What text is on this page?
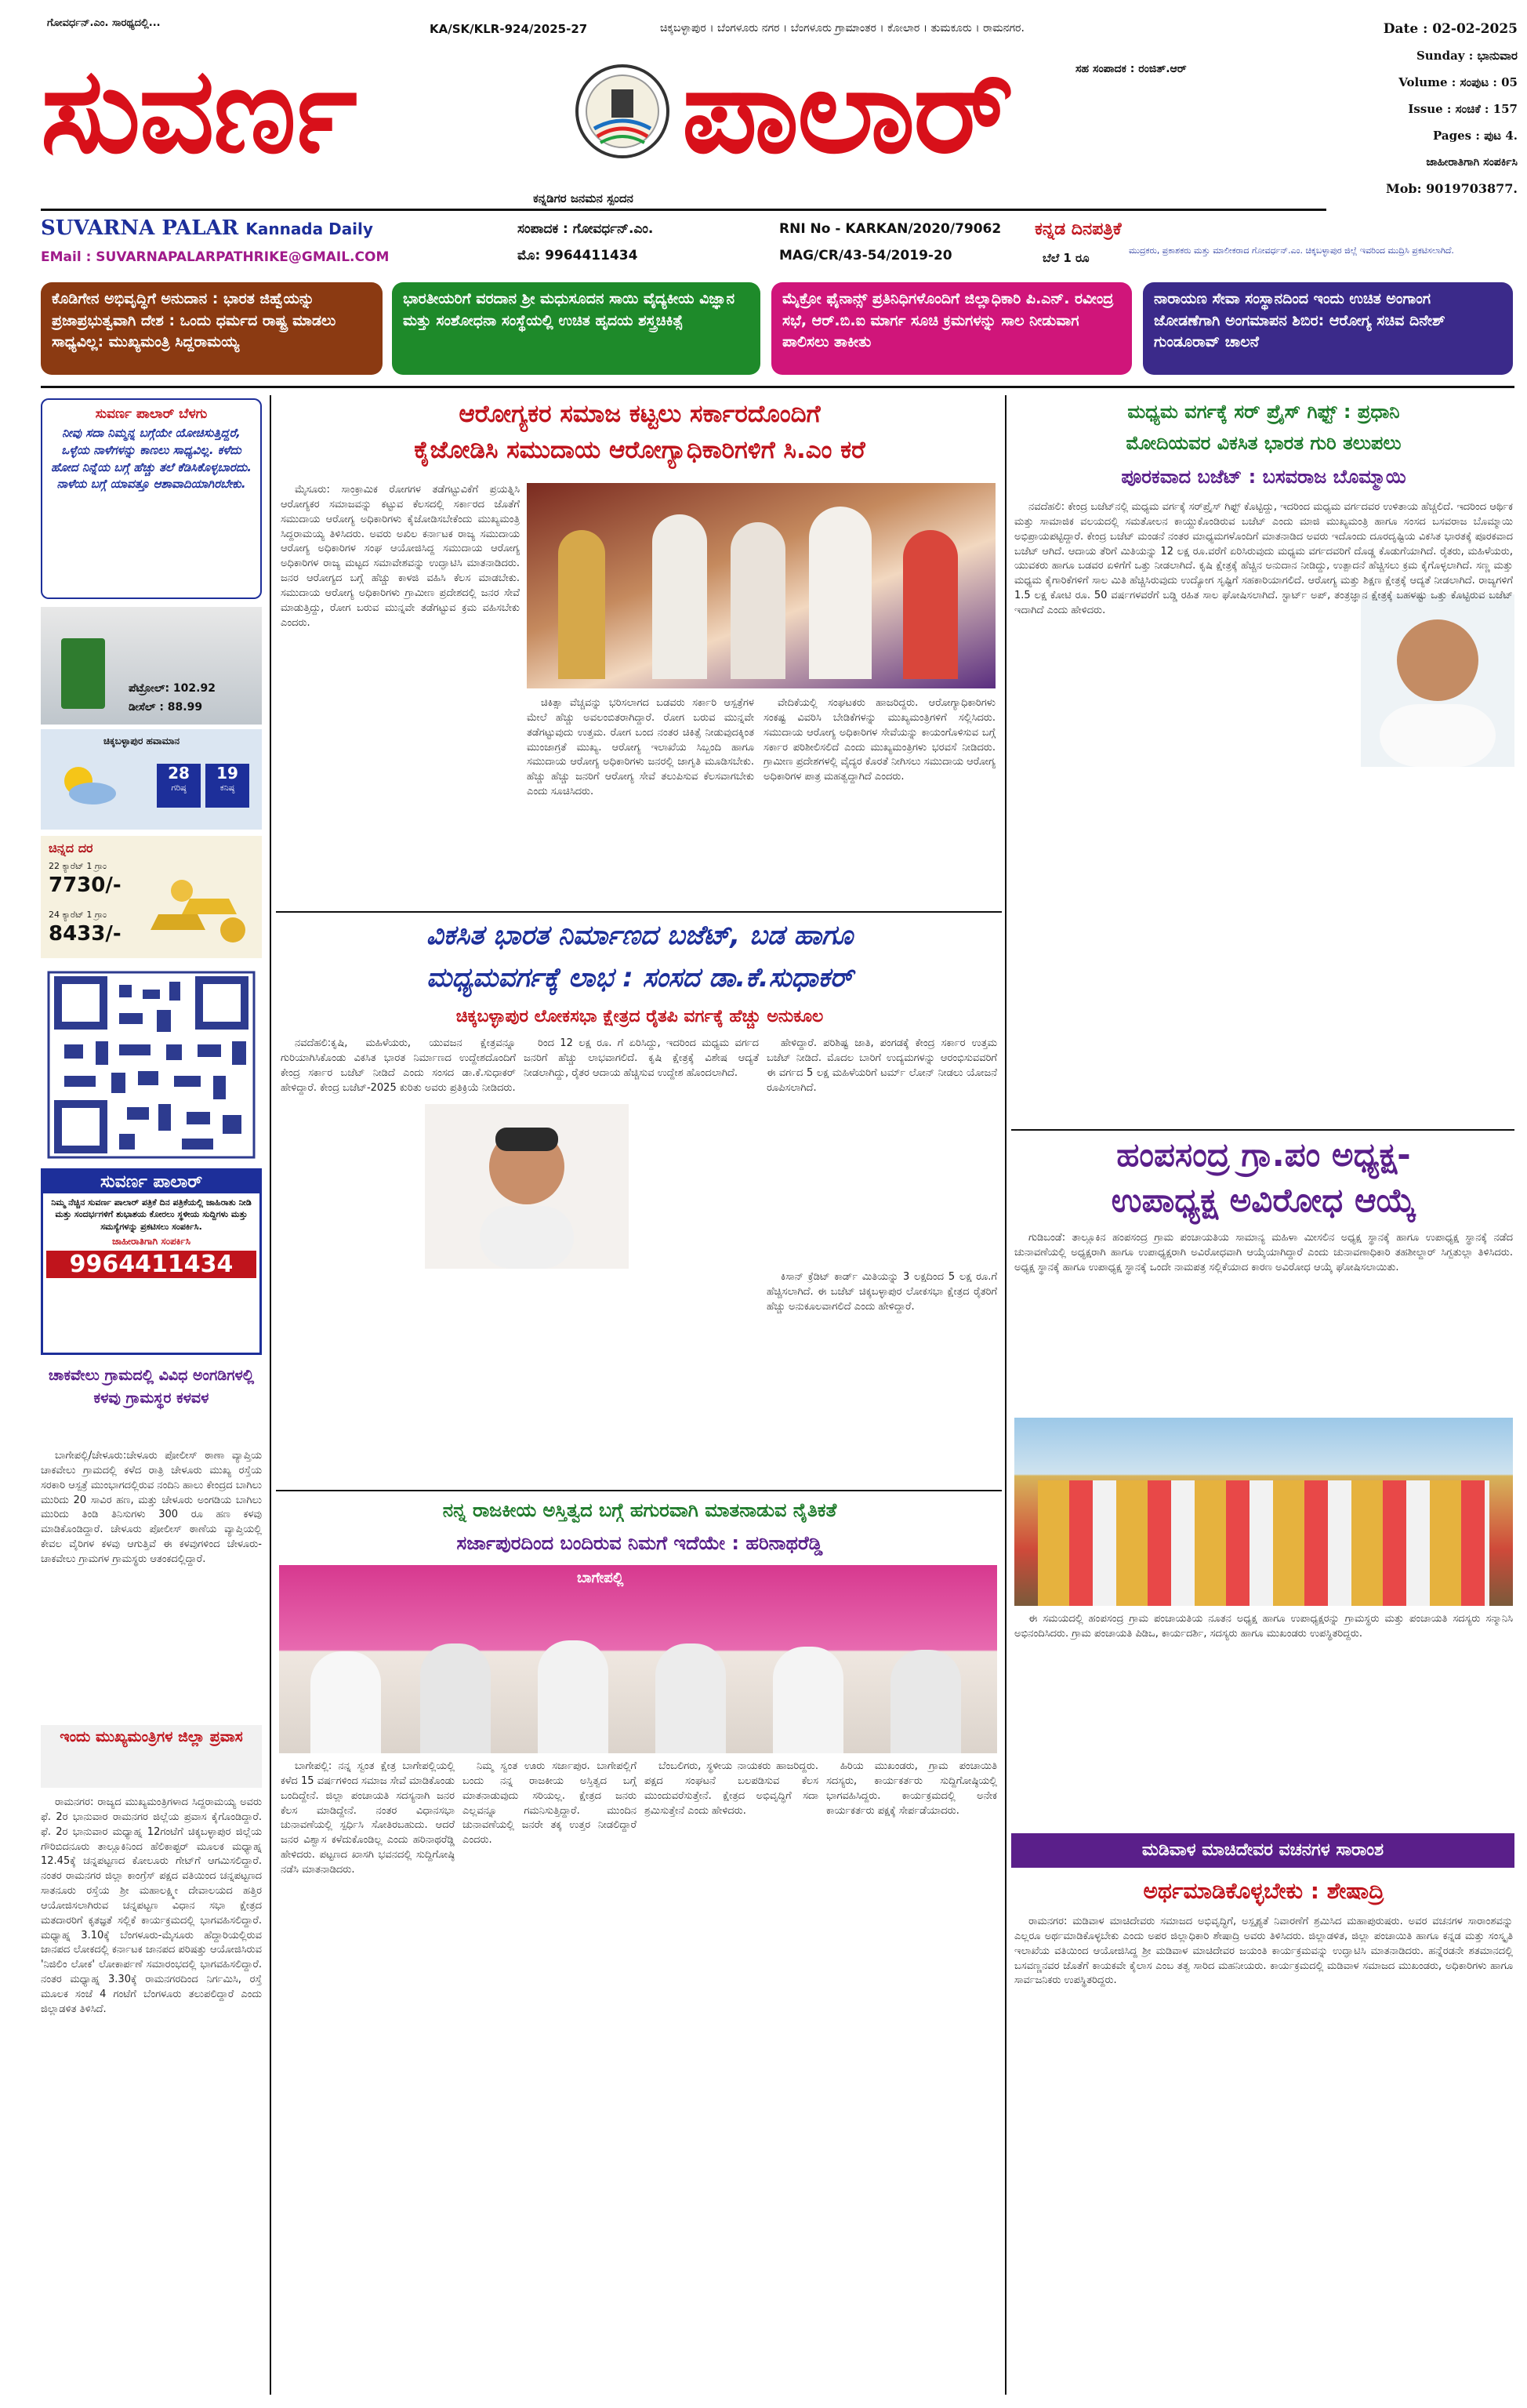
ಗೋವರ್ಧನ್.ಎಂ. ಸಾರಥ್ಯದಲ್ಲಿ...	KA/SK/KLR-924/2025-27	ಚಿಕ್ಕಬಳ್ಳಾಪುರ । ಬೆಂಗಳೂರು ನಗರ । ಬೆಂಗಳೂರು ಗ್ರಾಮಾಂತರ । ಕೋಲಾರ । ತುಮಕೂರು । ರಾಮನಗರ.
ಸುವರ್ಣ	ಪಾಲಾರ್	ಸಹ ಸಂಪಾದಕ : ರಂಜಿತ್.ಆರ್
ಕನ್ನಡಿಗರ ಜನಮನ ಸ್ಪಂದನ
Date : 02-02-2025
Sunday : ಭಾನುವಾರ
Volume : ಸಂಪುಟ : 05
Issue : ಸಂಚಿಕೆ : 157
Pages : ಪುಟ 4.
ಜಾಹೀರಾತಿಗಾಗಿ ಸಂಪರ್ಕಿಸಿ
Mob: 9019703877.
SUVARNA PALAR Kannada Daily
EMail : SUVARNAPALARPATHRIKE@GMAIL.COM
ಸಂಪಾದಕ : ಗೋವರ್ಧನ್.ಎಂ.
ಮೊ: 9964411434
RNI No - KARKAN/2020/79062
MAG/CR/43-54/2019-20
ಕನ್ನಡ ದಿನಪತ್ರಿಕೆ
ಬೆಲೆ 1 ರೂ
ಮುದ್ರಕರು, ಪ್ರಕಾಶಕರು ಮತ್ತು ಮಾಲೀಕರಾದ ಗೋವರ್ಧನ್.ಎಂ. ಚಿಕ್ಕಬಳ್ಳಾಪುರ ಜಿಲ್ಲೆ ಇವರಿಂದ ಮುದ್ರಿಸಿ ಪ್ರಕಟಿಸಲಾಗಿದೆ.
ಕೊಡಿಗೇನ ಅಭಿವೃದ್ಧಿಗೆ ಅನುದಾನ : ಭಾರತ ಜಿಹ್ವೆಯನ್ನು ಪ್ರಜಾಪ್ರಭುತ್ವವಾಗಿ ದೇಶ : ಒಂದು ಧರ್ಮದ ರಾಷ್ಟ್ರ ಮಾಡಲು ಸಾಧ್ಯವಿಲ್ಲ: ಮುಖ್ಯಮಂತ್ರಿ ಸಿದ್ದರಾಮಯ್ಯ
ಭಾರತೀಯರಿಗೆ ವರದಾನ ಶ್ರೀ ಮಧುಸೂದನ ಸಾಯಿ ವೈದ್ಯಕೀಯ ವಿಜ್ಞಾನ ಮತ್ತು ಸಂಶೋಧನಾ ಸಂಸ್ಥೆಯಲ್ಲಿ ಉಚಿತ ಹೃದಯ ಶಸ್ತ್ರಚಿಕಿತ್ಸೆ
ಮೈಕ್ರೋ ಫೈನಾನ್ಸ್ ಪ್ರತಿನಿಧಿಗಳೊಂದಿಗೆ ಜಿಲ್ಲಾಧಿಕಾರಿ ಪಿ.ಎನ್. ರವೀಂದ್ರ ಸಭೆ, ಆರ್.ಬಿ.ಐ ಮಾರ್ಗ ಸೂಚಿ ಕ್ರಮಗಳನ್ನು ಸಾಲ ನೀಡುವಾಗ ಪಾಲಿಸಲು ತಾಕೀತು
ನಾರಾಯಣ ಸೇವಾ ಸಂಸ್ಥಾನದಿಂದ ಇಂದು ಉಚಿತ ಅಂಗಾಂಗ ಜೋಡಣೆಗಾಗಿ ಅಂಗಮಾಪನ ಶಿಬಿರ: ಆರೋಗ್ಯ ಸಚಿವ ದಿನೇಶ್ ಗುಂಡೂರಾವ್ ಚಾಲನೆ
ಸುವರ್ಣ ಪಾಲಾರ್ ಬೆಳಗು
ನೀವು ಸದಾ ನಿಮ್ಮನ್ನ ಬಗ್ಗೆಯೇ ಯೋಚಿಸುತ್ತಿದ್ದರೆ, ಒಳ್ಳೆಯ ನಾಳೆಗಳನ್ನು ಕಾಣಲು ಸಾಧ್ಯವಿಲ್ಲ. ಕಳೆದು ಹೋದ ನಿನ್ನೆಯ ಬಗ್ಗೆ ಹೆಚ್ಚು ತಲೆ ಕೆಡಿಸಿಕೊಳ್ಳಬಾರದು. ನಾಳೆಯ ಬಗ್ಗೆ ಯಾವತ್ತೂ ಆಶಾವಾದಿಯಾಗಿರಬೇಕು.
ಪೆಟ್ರೋಲ್: 102.92
ಡೀಸೆಲ್ : 88.99
ಚಿಕ್ಕಬಳ್ಳಾಪುರ ಹವಾಮಾನ
28
ಗರಿಷ್ಠ
19
ಕನಿಷ್ಠ
ಚಿನ್ನದ ದರ
22 ಕ್ಯಾರೆಟ್ 1 ಗ್ರಾಂ
7730/-
24 ಕ್ಯಾರೆಟ್ 1 ಗ್ರಾಂ
8433/-
ಸುವರ್ಣ ಪಾಲಾರ್
ನಿಮ್ಮ ನೆಚ್ಚಿನ ಸುವರ್ಣ ಪಾಲಾರ್ ಪತ್ರಿಕೆ ದಿನ ಪತ್ರಿಕೆಯಲ್ಲಿ ಜಾಹಿರಾತು ನೀಡಿ ಮತ್ತು ಸಂದರ್ಭಗಳಿಗೆ ಶುಭಾಶಯ ಕೋರಲು ಸ್ಥಳೀಯ ಸುದ್ದಿಗಳು ಮತ್ತು ಸಮಸ್ಯೆಗಳನ್ನು ಪ್ರಕಟಿಸಲು ಸಂಪರ್ಕಿಸಿ.
ಜಾಹೀರಾತಿಗಾಗಿ ಸಂಪರ್ಕಿಸಿ
9964411434
ಚಾಕವೇಲು ಗ್ರಾಮದಲ್ಲಿ ವಿವಿಧ ಅಂಗಡಿಗಳಲ್ಲಿ ಕಳವು ಗ್ರಾಮಸ್ಥರ ಕಳವಳ

ಬಾಗೇಪಲ್ಲಿ/ಚೇಳೂರು:ಚೇಳೂರು ಪೋಲೀಸ್ ಠಾಣಾ ವ್ಯಾಪ್ತಿಯ ಚಾಕವೇಲು ಗ್ರಾಮದಲ್ಲಿ ಕಳೆದ ರಾತ್ರಿ ಚೇಳೂರು ಮುಖ್ಯ ರಸ್ತೆಯ ಸರಕಾರಿ ಆಸ್ಪತ್ರೆ ಮುಂಭಾಗದಲ್ಲಿರುವ ನಂದಿನಿ ಹಾಲು ಕೇಂದ್ರದ ಬಾಗಿಲು ಮುರಿದು 20 ಸಾವಿರ ಹಣ, ಮತ್ತು ಚೇಳೂರು ಅಂಗಡಿಯ ಬಾಗಿಲು ಮುರಿದು ತಿಂಡಿ ತಿನಿಸುಗಳು 300 ರೂ ಹಣ ಕಳವು ಮಾಡಿಕೊಂಡಿದ್ದಾರೆ. ಚೇಳೂರು ಪೋಲೀಸ್ ಠಾಣೆಯ ವ್ಯಾಪ್ತಿಯಲ್ಲಿ ಕೇವಲ ವೈರಿಗಳ ಕಳವು ಆಗುತ್ತಿವೆ ಈ ಕಳವುಗಳಿಂದ ಚೇಳೂರು-ಚಾಕವೇಲು ಗ್ರಾಮಗಳ ಗ್ರಾಮಸ್ಥರು ಆತಂಕದಲ್ಲಿದ್ದಾರೆ.

ಇಂದು ಮುಖ್ಯಮಂತ್ರಿಗಳ ಜಿಲ್ಲಾ ಪ್ರವಾಸ

ರಾಮನಗರ: ರಾಜ್ಯದ ಮುಖ್ಯಮಂತ್ರಿಗಳಾದ ಸಿದ್ದರಾಮಯ್ಯ ಅವರು ಫೆ. 2ರ ಭಾನುವಾರ ರಾಮನಗರ ಜಿಲ್ಲೆಯ ಪ್ರವಾಸ ಕೈಗೊಂಡಿದ್ದಾರೆ. ಫೆ. 2ರ ಭಾನುವಾರ ಮಧ್ಯಾಹ್ನ 12ಗಂಟೆಗೆ ಚಿಕ್ಕಬಳ್ಳಾಪುರ ಜಿಲ್ಲೆಯ ಗೌರಿಬಿದನೂರು ತಾಲ್ಲೂಕಿನಿಂದ ಹೆಲಿಕಾಪ್ಟರ್ ಮೂಲಕ ಮಧ್ಯಾಹ್ನ 12.45ಕ್ಕೆ ಚನ್ನಪಟ್ಟಣದ ಕೋಲೂರು ಗೇಟ್‌ಗೆ ಆಗಮಿಸಲಿದ್ದಾರೆ. ನಂತರ ರಾಮನಗರ ಜಿಲ್ಲಾ ಕಾಂಗ್ರೆಸ್ ಪಕ್ಷದ ವತಿಯಿಂದ ಚನ್ನಪಟ್ಟಣದ ಸಾತನೂರು ರಸ್ತೆಯ ಶ್ರೀ ಮಹಾಲಕ್ಷ್ಮೀ ದೇವಾಲಯದ ಹತ್ತಿರ ಆಯೋಜಿಸಲಾಗಿರುವ ಚನ್ನಪಟ್ಟಣ ವಿಧಾನ ಸಭಾ ಕ್ಷೇತ್ರದ ಮತದಾರರಿಗೆ ಕೃತಜ್ಞತೆ ಸಲ್ಲಿಕೆ ಕಾರ್ಯಕ್ರಮದಲ್ಲಿ ಭಾಗವಹಿಸಲಿದ್ದಾರೆ. ಮಧ್ಯಾಹ್ನ 3.10ಕ್ಕೆ ಬೆಂಗಳೂರು-ಮೈಸೂರು ಹೆದ್ದಾರಿಯಲ್ಲಿರುವ ಜಾನಪದ ಲೋಕದಲ್ಲಿ ಕರ್ನಾಟಕ ಜಾನಪದ ಪರಿಷತ್ತು ಆಯೋಜಿಸಿರುವ 'ನಿಜಿಲಿಂ ಲೋಕ' ಲೋಕಾರ್ಪಣೆ ಸಮಾರಂಭದಲ್ಲಿ ಭಾಗವಹಿಸಲಿದ್ದಾರೆ. ನಂತರ ಮಧ್ಯಾಹ್ನ 3.30ಕ್ಕೆ ರಾಮನಗರದಿಂದ ನಿರ್ಗಮಿಸಿ, ರಸ್ತೆ ಮೂಲಕ ಸಂಜೆ 4 ಗಂಟೆಗೆ ಬೆಂಗಳೂರು ತಲುಪಲಿದ್ದಾರೆ ಎಂದು ಜಿಲ್ಲಾಡಳಿತ ತಿಳಿಸಿದೆ.

ಆರೋಗ್ಯಕರ ಸಮಾಜ ಕಟ್ಟಲು ಸರ್ಕಾರದೊಂದಿಗೆ
ಕೈಜೋಡಿಸಿ ಸಮುದಾಯ ಆರೋಗ್ಯಾಧಿಕಾರಿಗಳಿಗೆ ಸಿ.ಎಂ ಕರೆ

ಮೈಸೂರು: ಸಾಂಕ್ರಾಮಿಕ ರೋಗಗಳ ತಡೆಗಟ್ಟುವಿಕೆಗೆ ಪ್ರಯತ್ನಿಸಿ ಆರೋಗ್ಯಕರ ಸಮಾಜವನ್ನು ಕಟ್ಟುವ ಕೆಲಸದಲ್ಲಿ ಸರ್ಕಾರದ ಜೊತೆಗೆ ಸಮುದಾಯ ಆರೋಗ್ಯ ಅಧಿಕಾರಿಗಳು ಕೈಜೋಡಿಸಬೇಕೆಂದು ಮುಖ್ಯಮಂತ್ರಿ ಸಿದ್ದರಾಮಯ್ಯ ತಿಳಿಸಿದರು. ಅವರು ಅಖಿಲ ಕರ್ನಾಟಕ ರಾಜ್ಯ ಸಮುದಾಯ ಆರೋಗ್ಯ ಅಧಿಕಾರಿಗಳ ಸಂಘ ಆಯೋಜಿಸಿದ್ದ ಸಮುದಾಯ ಆರೋಗ್ಯ ಅಧಿಕಾರಿಗಳ ರಾಜ್ಯ ಮಟ್ಟದ ಸಮಾವೇಶವನ್ನು ಉದ್ಘಾಟಿಸಿ ಮಾತನಾಡಿದರು. ಜನರ ಆರೋಗ್ಯದ ಬಗ್ಗೆ ಹೆಚ್ಚು ಕಾಳಜಿ ವಹಿಸಿ ಕೆಲಸ ಮಾಡಬೇಕು. ಸಮುದಾಯ ಆರೋಗ್ಯ ಅಧಿಕಾರಿಗಳು ಗ್ರಾಮೀಣ ಪ್ರದೇಶದಲ್ಲಿ ಜನರ ಸೇವೆ ಮಾಡುತ್ತಿದ್ದು, ರೋಗ ಬರುವ ಮುನ್ನವೇ ತಡೆಗಟ್ಟುವ ಕ್ರಮ ವಹಿಸಬೇಕು ಎಂದರು.

ಚಿಕಿತ್ಸಾ ವೆಚ್ಚವನ್ನು ಭರಿಸಲಾಗದ ಬಡವರು ಸರ್ಕಾರಿ ಆಸ್ಪತ್ರೆಗಳ ಮೇಲೆ ಹೆಚ್ಚು ಅವಲಂಬಿತರಾಗಿದ್ದಾರೆ. ರೋಗ ಬರುವ ಮುನ್ನವೇ ತಡೆಗಟ್ಟುವುದು ಉತ್ತಮ. ರೋಗ ಬಂದ ನಂತರ ಚಿಕಿತ್ಸೆ ನೀಡುವುದಕ್ಕಿಂತ ಮುಂಜಾಗ್ರತೆ ಮುಖ್ಯ. ಆರೋಗ್ಯ ಇಲಾಖೆಯ ಸಿಬ್ಬಂದಿ ಹಾಗೂ ಸಮುದಾಯ ಆರೋಗ್ಯ ಅಧಿಕಾರಿಗಳು ಜನರಲ್ಲಿ ಜಾಗೃತಿ ಮೂಡಿಸಬೇಕು. ಹೆಚ್ಚು ಹೆಚ್ಚು ಜನರಿಗೆ ಆರೋಗ್ಯ ಸೇವೆ ತಲುಪಿಸುವ ಕೆಲಸವಾಗಬೇಕು ಎಂದು ಸೂಚಿಸಿದರು.

ವೇದಿಕೆಯಲ್ಲಿ ಸಂಘಟಕರು ಹಾಜರಿದ್ದರು. ಆರೋಗ್ಯಾಧಿಕಾರಿಗಳು ಸಂಕಷ್ಟ ವಿವರಿಸಿ ಬೇಡಿಕೆಗಳನ್ನು ಮುಖ್ಯಮಂತ್ರಿಗಳಿಗೆ ಸಲ್ಲಿಸಿದರು. ಸಮುದಾಯ ಆರೋಗ್ಯ ಅಧಿಕಾರಿಗಳ ಸೇವೆಯನ್ನು ಕಾಯಂಗೊಳಿಸುವ ಬಗ್ಗೆ ಸರ್ಕಾರ ಪರಿಶೀಲಿಸಲಿದೆ ಎಂದು ಮುಖ್ಯಮಂತ್ರಿಗಳು ಭರವಸೆ ನೀಡಿದರು. ಗ್ರಾಮೀಣ ಪ್ರದೇಶಗಳಲ್ಲಿ ವೈದ್ಯರ ಕೊರತೆ ನೀಗಿಸಲು ಸಮುದಾಯ ಆರೋಗ್ಯ ಅಧಿಕಾರಿಗಳ ಪಾತ್ರ ಮಹತ್ವದ್ದಾಗಿದೆ ಎಂದರು.

ವಿಕಸಿತ ಭಾರತ ನಿರ್ಮಾಣದ ಬಜೆಟ್, ಬಡ ಹಾಗೂ
ಮಧ್ಯಮವರ್ಗಕ್ಕೆ ಲಾಭ : ಸಂಸದ ಡಾ.ಕೆ.ಸುಧಾಕರ್
ಚಿಕ್ಕಬಳ್ಳಾಪುರ ಲೋಕಸಭಾ ಕ್ಷೇತ್ರದ ರೈತಪಿ ವರ್ಗಕ್ಕೆ ಹೆಚ್ಚು ಅನುಕೂಲ

ನವದೆಹಲಿ:ಕೃಷಿ, ಮಹಿಳೆಯರು, ಯುವಜನ ಕ್ಷೇತ್ರವನ್ನೂ ಗುರಿಯಾಗಿಸಿಕೊಂಡು ವಿಕಸಿತ ಭಾರತ ನಿರ್ಮಾಣದ ಉದ್ದೇಶದೊಂದಿಗೆ ಕೇಂದ್ರ ಸರ್ಕಾರ ಬಜೆಟ್ ನೀಡಿದೆ ಎಂದು ಸಂಸದ ಡಾ.ಕೆ.ಸುಧಾಕರ್ ಹೇಳಿದ್ದಾರೆ. ಕೇಂದ್ರ ಬಜೆಟ್-2025 ಕುರಿತು ಅವರು ಪ್ರತಿಕ್ರಿಯೆ ನೀಡಿದರು.

ರಿಂದ 12 ಲಕ್ಷ ರೂ. ಗೆ ಏರಿಸಿದ್ದು, ಇದರಿಂದ ಮಧ್ಯಮ ವರ್ಗದ ಜನರಿಗೆ ಹೆಚ್ಚು ಲಾಭವಾಗಲಿದೆ. ಕೃಷಿ ಕ್ಷೇತ್ರಕ್ಕೆ ವಿಶೇಷ ಆದ್ಯತೆ ನೀಡಲಾಗಿದ್ದು, ರೈತರ ಆದಾಯ ಹೆಚ್ಚಿಸುವ ಉದ್ದೇಶ ಹೊಂದಲಾಗಿದೆ.

ಹೇಳಿದ್ದಾರೆ. ಪರಿಶಿಷ್ಟ ಜಾತಿ, ಪಂಗಡಕ್ಕೆ ಕೇಂದ್ರ ಸರ್ಕಾರ ಉತ್ತಮ ಬಜೆಟ್ ನೀಡಿದೆ. ಮೊದಲ ಬಾರಿಗೆ ಉದ್ಯಮಗಳನ್ನು ಆರಂಭಿಸುವವರಿಗೆ ಈ ವರ್ಗದ 5 ಲಕ್ಷ ಮಹಿಳೆಯರಿಗೆ ಟರ್ಮ್ ಲೋನ್ ನೀಡಲು ಯೋಜನೆ ರೂಪಿಸಲಾಗಿದೆ.

ಕಿಸಾನ್ ಕ್ರೆಡಿಟ್ ಕಾರ್ಡ್ ಮಿತಿಯನ್ನು 3 ಲಕ್ಷದಿಂದ 5 ಲಕ್ಷ ರೂ.ಗೆ ಹೆಚ್ಚಿಸಲಾಗಿದೆ. ಈ ಬಜೆಟ್ ಚಿಕ್ಕಬಳ್ಳಾಪುರ ಲೋಕಸಭಾ ಕ್ಷೇತ್ರದ ರೈತರಿಗೆ ಹೆಚ್ಚು ಅನುಕೂಲವಾಗಲಿದೆ ಎಂದು ಹೇಳಿದ್ದಾರೆ.

ನನ್ನ ರಾಜಕೀಯ ಅಸ್ತಿತ್ವದ ಬಗ್ಗೆ ಹಗುರವಾಗಿ ಮಾತನಾಡುವ ನೈತಿಕತೆ
ಸರ್ಜಾಪುರದಿಂದ ಬಂದಿರುವ ನಿಮಗೆ ಇದೆಯೇ : ಹರಿನಾಥರೆಡ್ಡಿ
ಬಾಗೇಪಲ್ಲಿ

ಬಾಗೇಪಲ್ಲಿ: ನನ್ನ ಸ್ವಂತ ಕ್ಷೇತ್ರ ಬಾಗೇಪಲ್ಲಿಯಲ್ಲಿ ಕಳೆದ 15 ವರ್ಷಗಳಿಂದ ಸಮಾಜ ಸೇವೆ ಮಾಡಿಕೊಂಡು ಬಂದಿದ್ದೇನೆ. ಜಿಲ್ಲಾ ಪಂಚಾಯತಿ ಸದಸ್ಯನಾಗಿ ಜನರ ಕೆಲಸ ಮಾಡಿದ್ದೇನೆ. ನಂತರ ವಿಧಾನಸಭಾ ಚುನಾವಣೆಯಲ್ಲಿ ಸ್ಪರ್ಧಿಸಿ ಸೋತಿರಬಹುದು. ಆದರೆ ಜನರ ವಿಶ್ವಾಸ ಕಳೆದುಕೊಂಡಿಲ್ಲ ಎಂದು ಹರಿನಾಥರೆಡ್ಡಿ ಹೇಳಿದರು. ಪಟ್ಟಣದ ಖಾಸಗಿ ಭವನದಲ್ಲಿ ಸುದ್ದಿಗೋಷ್ಠಿ ನಡೆಸಿ ಮಾತನಾಡಿದರು.

ನಿಮ್ಮ ಸ್ವಂತ ಊರು ಸರ್ಜಾಪುರ. ಬಾಗೇಪಲ್ಲಿಗೆ ಬಂದು ನನ್ನ ರಾಜಕೀಯ ಅಸ್ತಿತ್ವದ ಬಗ್ಗೆ ಮಾತನಾಡುವುದು ಸರಿಯಲ್ಲ. ಕ್ಷೇತ್ರದ ಜನರು ಎಲ್ಲವನ್ನೂ ಗಮನಿಸುತ್ತಿದ್ದಾರೆ. ಮುಂದಿನ ಚುನಾವಣೆಯಲ್ಲಿ ಜನರೇ ತಕ್ಕ ಉತ್ತರ ನೀಡಲಿದ್ದಾರೆ ಎಂದರು.

ಬೆಂಬಲಿಗರು, ಸ್ಥಳೀಯ ನಾಯಕರು ಹಾಜರಿದ್ದರು. ಪಕ್ಷದ ಸಂಘಟನೆ ಬಲಪಡಿಸುವ ಕೆಲಸ ಮುಂದುವರೆಸುತ್ತೇನೆ. ಕ್ಷೇತ್ರದ ಅಭಿವೃದ್ಧಿಗೆ ಸದಾ ಶ್ರಮಿಸುತ್ತೇನೆ ಎಂದು ಹೇಳಿದರು.

ಹಿರಿಯ ಮುಖಂಡರು, ಗ್ರಾಮ ಪಂಚಾಯಿತಿ ಸದಸ್ಯರು, ಕಾರ್ಯಕರ್ತರು ಸುದ್ದಿಗೋಷ್ಠಿಯಲ್ಲಿ ಭಾಗವಹಿಸಿದ್ದರು. ಕಾರ್ಯಕ್ರಮದಲ್ಲಿ ಅನೇಕ ಕಾರ್ಯಕರ್ತರು ಪಕ್ಷಕ್ಕೆ ಸೇರ್ಪಡೆಯಾದರು.

ಮಧ್ಯಮ ವರ್ಗಕ್ಕೆ ಸರ್ ಪ್ರೈಸ್ ಗಿಫ್ಟ್ : ಪ್ರಧಾನಿ
ಮೋದಿಯವರ ವಿಕಸಿತ ಭಾರತ ಗುರಿ ತಲುಪಲು
ಪೂರಕವಾದ ಬಜೆಟ್ : ಬಸವರಾಜ ಬೊಮ್ಮಾಯಿ

ನವದೆಹಲಿ: ಕೇಂದ್ರ ಬಜೆಟ್‌ನಲ್ಲಿ ಮಧ್ಯಮ ವರ್ಗಕ್ಕೆ ಸರ್‌ಪ್ರೈಸ್ ಗಿಫ್ಟ್ ಕೊಟ್ಟಿದ್ದು, ಇದರಿಂದ ಮಧ್ಯಮ ವರ್ಗದವರ ಉಳಿತಾಯ ಹೆಚ್ಚಲಿದೆ. ಇದರಿಂದ ಆರ್ಥಿಕ ಮತ್ತು ಸಾಮಾಜಿಕ ವಲಯದಲ್ಲಿ ಸಮತೋಲನ ಕಾಯ್ದುಕೊಂಡಿರುವ ಬಜೆಟ್ ಎಂದು ಮಾಜಿ ಮುಖ್ಯಮಂತ್ರಿ ಹಾಗೂ ಸಂಸದ ಬಸವರಾಜ ಬೊಮ್ಮಾಯಿ ಅಭಿಪ್ರಾಯಪಟ್ಟಿದ್ದಾರೆ. ಕೇಂದ್ರ ಬಜೆಟ್ ಮಂಡನೆ ನಂತರ ಮಾಧ್ಯಮಗಳೊಂದಿಗೆ ಮಾತನಾಡಿದ ಅವರು ಇದೊಂದು ದೂರದೃಷ್ಟಿಯ ವಿಕಸಿತ ಭಾರತಕ್ಕೆ ಪೂರಕವಾದ ಬಜೆಟ್ ಆಗಿದೆ. ಆದಾಯ ತೆರಿಗೆ ಮಿತಿಯನ್ನು 12 ಲಕ್ಷ ರೂ.ವರೆಗೆ ಏರಿಸಿರುವುದು ಮಧ್ಯಮ ವರ್ಗದವರಿಗೆ ದೊಡ್ಡ ಕೊಡುಗೆಯಾಗಿದೆ. ರೈತರು, ಮಹಿಳೆಯರು, ಯುವಕರು ಹಾಗೂ ಬಡವರ ಏಳಿಗೆಗೆ ಒತ್ತು ನೀಡಲಾಗಿದೆ. ಕೃಷಿ ಕ್ಷೇತ್ರಕ್ಕೆ ಹೆಚ್ಚಿನ ಅನುದಾನ ನೀಡಿದ್ದು, ಉತ್ಪಾದನೆ ಹೆಚ್ಚಿಸಲು ಕ್ರಮ ಕೈಗೊಳ್ಳಲಾಗಿದೆ. ಸಣ್ಣ ಮತ್ತು ಮಧ್ಯಮ ಕೈಗಾರಿಕೆಗಳಿಗೆ ಸಾಲ ಮಿತಿ ಹೆಚ್ಚಿಸಿರುವುದು ಉದ್ಯೋಗ ಸೃಷ್ಟಿಗೆ ಸಹಕಾರಿಯಾಗಲಿದೆ. ಆರೋಗ್ಯ ಮತ್ತು ಶಿಕ್ಷಣ ಕ್ಷೇತ್ರಕ್ಕೆ ಆದ್ಯತೆ ನೀಡಲಾಗಿದೆ. ರಾಜ್ಯಗಳಿಗೆ 1.5 ಲಕ್ಷ ಕೋಟಿ ರೂ. 50 ವರ್ಷಗಳವರೆಗೆ ಬಡ್ಡಿ ರಹಿತ ಸಾಲ ಘೋಷಿಸಲಾಗಿದೆ. ಸ್ಟಾರ್ಟ್ ಅಪ್, ತಂತ್ರಜ್ಞಾನ ಕ್ಷೇತ್ರಕ್ಕೆ ಬಹಳಷ್ಟು ಒತ್ತು ಕೊಟ್ಟಿರುವ ಬಜೆಟ್ ಇದಾಗಿದೆ ಎಂದು ಹೇಳಿದರು.

ಹಂಪಸಂದ್ರ ಗ್ರಾ.ಪಂ ಅಧ್ಯಕ್ಷ-
ಉಪಾಧ್ಯಕ್ಷ ಅವಿರೋಧ ಆಯ್ಕೆ

ಗುಡಿಬಂಡೆ: ತಾಲ್ಲೂಕಿನ ಹಂಪಸಂದ್ರ ಗ್ರಾಮ ಪಂಚಾಯತಿಯ ಸಾಮಾನ್ಯ ಮಹಿಳಾ ಮೀಸಲಿನ ಅಧ್ಯಕ್ಷ ಸ್ಥಾನಕ್ಕೆ ಹಾಗೂ ಉಪಾಧ್ಯಕ್ಷ ಸ್ಥಾನಕ್ಕೆ ನಡೆದ ಚುನಾವಣೆಯಲ್ಲಿ ಅಧ್ಯಕ್ಷರಾಗಿ ಹಾಗೂ ಉಪಾಧ್ಯಕ್ಷರಾಗಿ ಅವಿರೋಧವಾಗಿ ಆಯ್ಕೆಯಾಗಿದ್ದಾರೆ ಎಂದು ಚುನಾವಣಾಧಿಕಾರಿ ತಹಶೀಲ್ದಾರ್ ಸಿಗ್ಬತುಲ್ಲಾ ತಿಳಿಸಿದರು. ಅಧ್ಯಕ್ಷ ಸ್ಥಾನಕ್ಕೆ ಹಾಗೂ ಉಪಾಧ್ಯಕ್ಷ ಸ್ಥಾನಕ್ಕೆ ಒಂದೇ ನಾಮಪತ್ರ ಸಲ್ಲಿಕೆಯಾದ ಕಾರಣ ಅವಿರೋಧ ಆಯ್ಕೆ ಘೋಷಿಸಲಾಯಿತು.

ಈ ಸಮಯದಲ್ಲಿ ಹಂಪಸಂದ್ರ ಗ್ರಾಮ ಪಂಚಾಯತಿಯ ನೂತನ ಅಧ್ಯಕ್ಷ ಹಾಗೂ ಉಪಾಧ್ಯಕ್ಷರನ್ನು ಗ್ರಾಮಸ್ಥರು ಮತ್ತು ಪಂಚಾಯತಿ ಸದಸ್ಯರು ಸನ್ಮಾನಿಸಿ ಅಭಿನಂದಿಸಿದರು. ಗ್ರಾಮ ಪಂಚಾಯತಿ ಪಿಡಿಒ, ಕಾರ್ಯದರ್ಶಿ, ಸದಸ್ಯರು ಹಾಗೂ ಮುಖಂಡರು ಉಪಸ್ಥಿತರಿದ್ದರು.

ಮಡಿವಾಳ ಮಾಚಿದೇವರ ವಚನಗಳ ಸಾರಾಂಶ
ಅರ್ಥಮಾಡಿಕೊಳ್ಳಬೇಕು : ಶೇಷಾದ್ರಿ

ರಾಮನಗರ: ಮಡಿವಾಳ ಮಾಚಿದೇವರು ಸಮಾಜದ ಅಭಿವೃದ್ಧಿಗೆ, ಅಸ್ಪೃಶ್ಯತೆ ನಿವಾರಣೆಗೆ ಶ್ರಮಿಸಿದ ಮಹಾಪುರುಷರು. ಅವರ ವಚನಗಳ ಸಾರಾಂಶವನ್ನು ಎಲ್ಲರೂ ಅರ್ಥಮಾಡಿಕೊಳ್ಳಬೇಕು ಎಂದು ಅಪರ ಜಿಲ್ಲಾಧಿಕಾರಿ ಶೇಷಾದ್ರಿ ಅವರು ತಿಳಿಸಿದರು. ಜಿಲ್ಲಾಡಳಿತ, ಜಿಲ್ಲಾ ಪಂಚಾಯಿತಿ ಹಾಗೂ ಕನ್ನಡ ಮತ್ತು ಸಂಸ್ಕೃತಿ ಇಲಾಖೆಯ ವತಿಯಿಂದ ಆಯೋಜಿಸಿದ್ದ ಶ್ರೀ ಮಡಿವಾಳ ಮಾಚಿದೇವರ ಜಯಂತಿ ಕಾರ್ಯಕ್ರಮವನ್ನು ಉದ್ಘಾಟಿಸಿ ಮಾತನಾಡಿದರು. ಹನ್ನೆರಡನೇ ಶತಮಾನದಲ್ಲಿ ಬಸವಣ್ಣನವರ ಜೊತೆಗೆ ಕಾಯಕವೇ ಕೈಲಾಸ ಎಂಬ ತತ್ವ ಸಾರಿದ ಮಹನೀಯರು. ಕಾರ್ಯಕ್ರಮದಲ್ಲಿ ಮಡಿವಾಳ ಸಮಾಜದ ಮುಖಂಡರು, ಅಧಿಕಾರಿಗಳು ಹಾಗೂ ಸಾರ್ವಜನಿಕರು ಉಪಸ್ಥಿತರಿದ್ದರು.
